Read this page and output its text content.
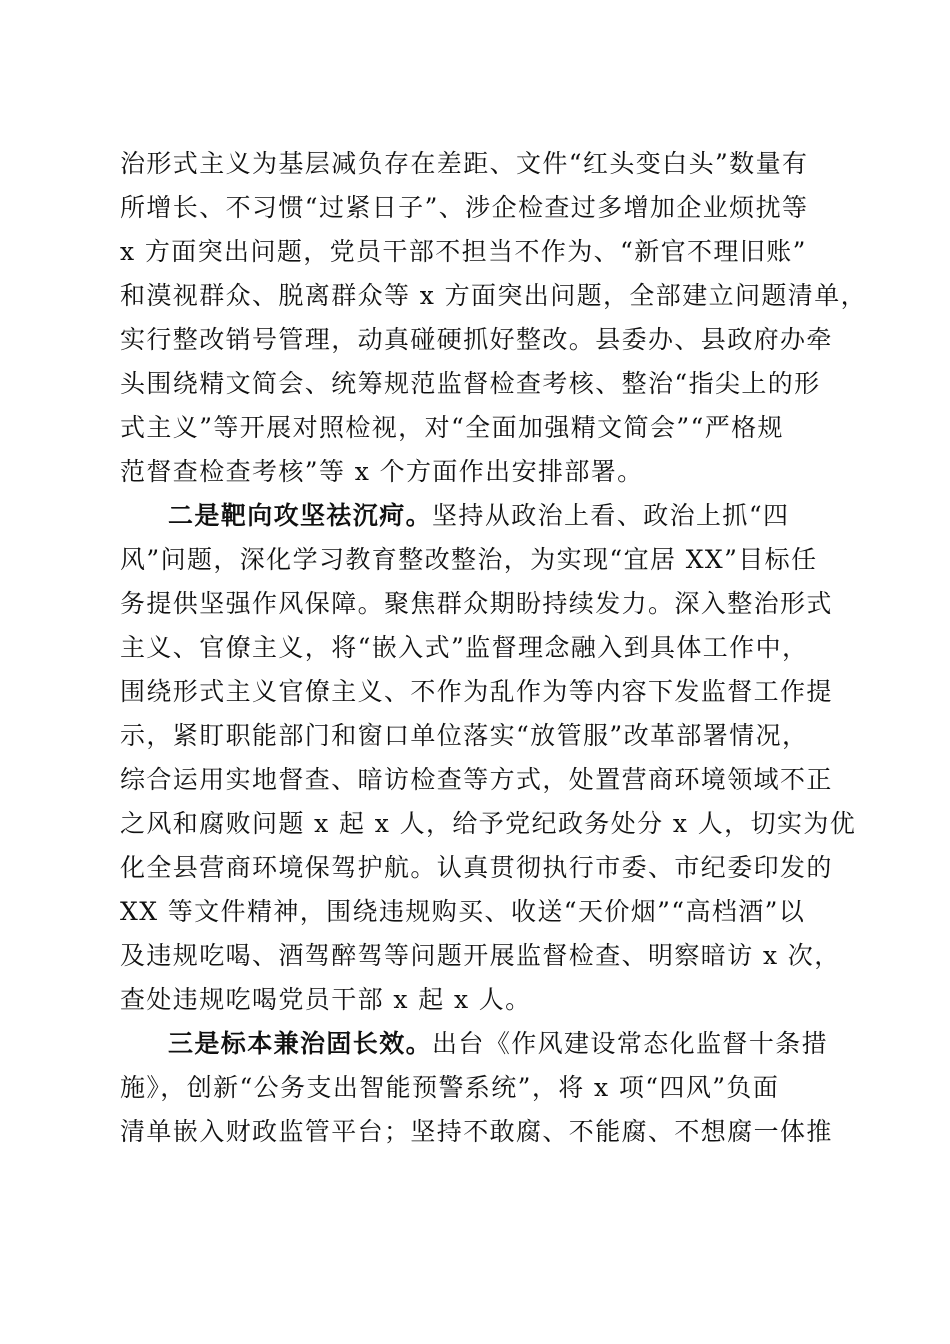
治形式主义为基层减负存在差距、文件“红头变白头”数量有
所增长、不习惯“过紧日子”、涉企检查过多增加企业烦扰等
x 方面突出问题，党员干部不担当不作为、“新官不理旧账”
和漠视群众、脱离群众等 x 方面突出问题，全部建立问题清单，
实行整改销号管理，动真碰硬抓好整改。县委办、县政府办牵
头围绕精文简会、统筹规范监督检查考核、整治“指尖上的形
式主义”等开展对照检视，对“全面加强精文简会”“严格规
范督查检查考核”等 x 个方面作出安排部署。
二是靶向攻坚祛沉疴。坚持从政治上看、政治上抓“四
风”问题，深化学习教育整改整治，为实现“宜居 XX”目标任
务提供坚强作风保障。聚焦群众期盼持续发力。深入整治形式
主义、官僚主义，将“嵌入式”监督理念融入到具体工作中，
围绕形式主义官僚主义、不作为乱作为等内容下发监督工作提
示，紧盯职能部门和窗口单位落实“放管服”改革部署情况，
综合运用实地督查、暗访检查等方式，处置营商环境领域不正
之风和腐败问题 x 起 x 人，给予党纪政务处分 x 人，切实为优
化全县营商环境保驾护航。认真贯彻执行市委、市纪委印发的
XX 等文件精神，围绕违规购买、收送“天价烟”“高档酒”以
及违规吃喝、酒驾醉驾等问题开展监督检查、明察暗访 x 次，
查处违规吃喝党员干部 x 起 x 人。
三是标本兼治固长效。出台《作风建设常态化监督十条措
施》，创新“公务支出智能预警系统”，将 x 项“四风”负面
清单嵌入财政监管平台；坚持不敢腐、不能腐、不想腐一体推
